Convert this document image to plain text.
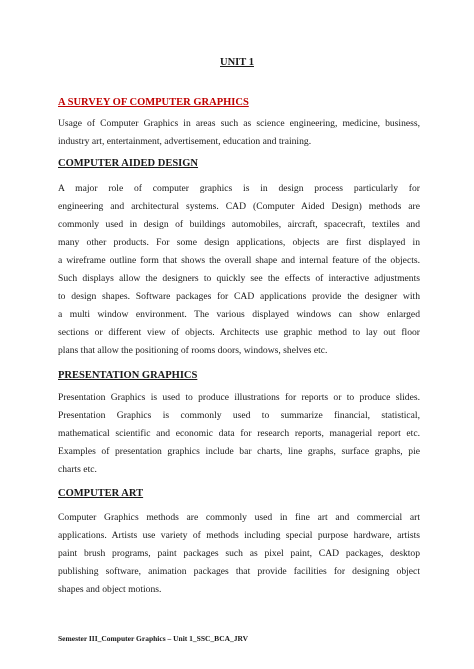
UNIT 1
A SURVEY OF COMPUTER GRAPHICS
Usage of Computer Graphics in areas such as science engineering, medicine, business,
industry art, entertainment, advertisement, education and training.
COMPUTER AIDED DESIGN
A major role of computer graphics is in design process particularly for
engineering and architectural systems. CAD (Computer Aided Design) methods are
commonly used in design of buildings automobiles, aircraft, spacecraft, textiles and
many other products. For some design applications, objects are first displayed in
a wireframe outline form that shows the overall shape and internal feature of the objects.
Such displays allow the designers to quickly see the effects of interactive adjustments
to design shapes. Software packages for CAD applications provide the designer with
a multi window environment. The various displayed windows can show enlarged
sections or different view of objects. Architects use graphic method to lay out floor
plans that allow the positioning of rooms doors, windows, shelves etc.
PRESENTATION GRAPHICS
Presentation Graphics is used to produce illustrations for reports or to produce slides.
Presentation Graphics is commonly used to summarize financial, statistical,
mathematical scientific and economic data for research reports, managerial report etc.
Examples of presentation graphics include bar charts, line graphs, surface graphs, pie
charts etc.
COMPUTER ART
Computer Graphics methods are commonly used in fine art and commercial art
applications. Artists use variety of methods including special purpose hardware, artists
paint brush programs, paint packages such as pixel paint, CAD packages, desktop
publishing software, animation packages that provide facilities for designing object
shapes and object motions.
Semester III_Computer Graphics – Unit 1_SSC_BCA_JRV
